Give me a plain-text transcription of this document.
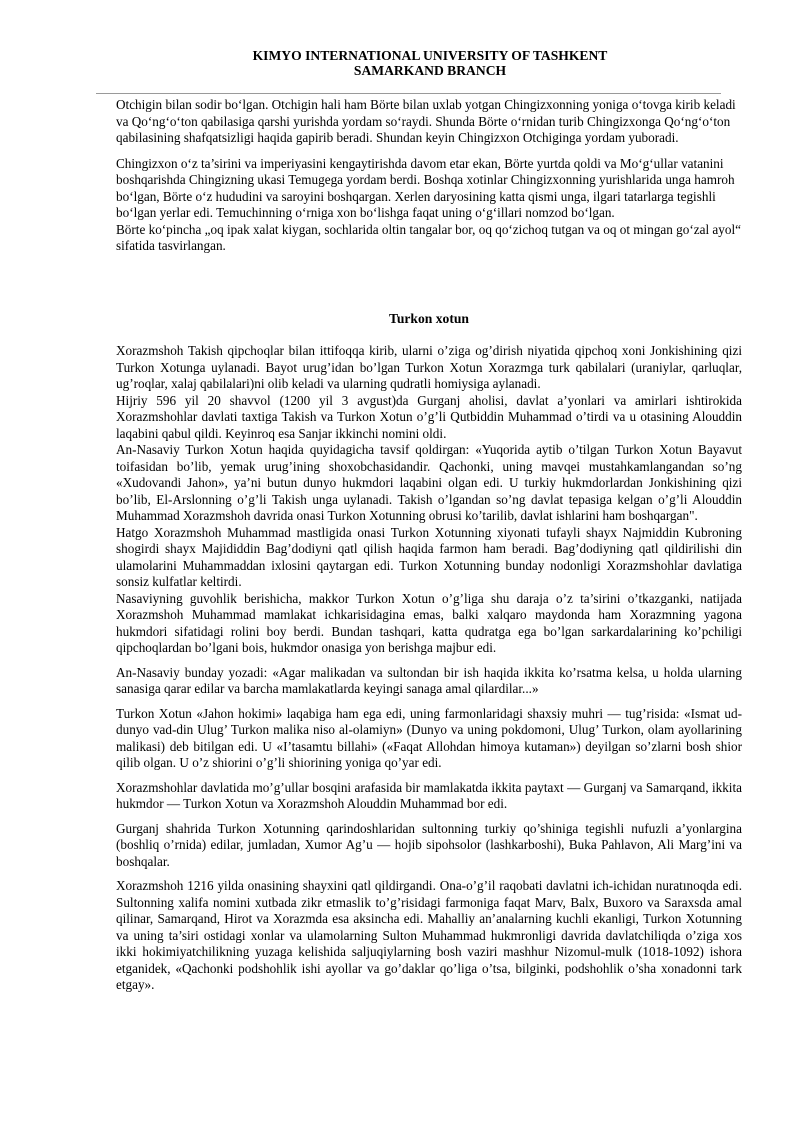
KIMYO INTERNATIONAL UNIVERSITY OF TASHKENT
SAMARKAND BRANCH

Otchigin bilan sodir bo‘lgan. Otchigin hali ham Börte bilan uxlab yotgan Chingizxonning yoniga o‘tovga kirib keladi va Qo‘ng‘o‘ton qabilasiga qarshi yurishda yordam so‘raydi. Shunda Börte o‘rnidan turib Chingizxonga Qo‘ng‘o‘ton qabilasining shafqatsizligi haqida gapirib beradi. Shundan keyin Chingizxon Otchiginga yordam yuboradi.

Chingizxon o‘z ta’sirini va imperiyasini kengaytirishda davom etar ekan, Börte yurtda qoldi va Mo‘g‘ullar vatanini boshqarishda Chingizning ukasi Temugega yordam berdi. Boshqa xotinlar Chingizxonning yurishlarida unga hamroh bo‘lgan, Börte o‘z hududini va saroyini boshqargan. Xerlen daryosining katta qismi unga, ilgari tatarlarga tegishli bo‘lgan yerlar edi. Temuchinning o‘rniga xon bo‘lishga faqat uning o‘g‘illari nomzod bo‘lgan.

Börte ko‘pincha „oq ipak xalat kiygan, sochlarida oltin tangalar bor, oq qo‘zichoq tutgan va oq ot mingan go‘zal ayol“ sifatida tasvirlangan.

Turkon xotun

Xorazmshoh Takish qipchoqlar bilan ittifoqqa kirib, ularni o’ziga og’dirish niyatida qipchoq xoni Jonkishining qizi Turkon Xotunga uylanadi. Bayot urug’idan bo’lgan Turkon Xotun Xorazmga turk qabilalari (uraniylar, qarluqlar, ug’roqlar, xalaj qabilalari)ni olib keladi va ularning qudratli homiysiga aylanadi.

Hijriy 596 yil 20 shavvol (1200 yil 3 avgust)da Gurganj aholisi, davlat a’yonlari va amirlari ishtirokida Xorazmshohlar davlati taxtiga Takish va Turkon Xotun o’g’li Qutbiddin Muhammad o’tirdi va u otasining Alouddin laqabini qabul qildi. Keyinroq esa Sanjar ikkinchi nomini oldi.

An-Nasaviy Turkon Xotun haqida quyidagicha tavsif qoldirgan: «Yuqorida aytib o’tilgan Turkon Xotun Bayavut toifasidan bo’lib, yemak urug’ining shoxobchasidandir. Qachonki, uning mavqei mustahkamlangandan so’ng «Xudovandi Jahon», ya’ni butun dunyo hukmdori laqabini olgan edi. U turkiy hukmdorlardan Jonkishining qizi bo’lib, El-Arslonning o’g’li Takish unga uylanadi. Takish o’lgandan so’ng davlat tepasiga kelgan o’g’li Alouddin Muhammad Xorazmshoh davrida onasi Turkon Xotunning obrusi ko’tarilib, davlat ishlarini ham boshqargan".

Hatgo Xorazmshoh Muhammad mastligida onasi Turkon Xotunning xiyonati tufayli shayx Najmiddin Kubroning shogirdi shayx Majididdin Bag’dodiyni qatl qilish haqida farmon ham beradi. Bag’dodiyning qatl qildirilishi din ulamolarini Muhammaddan ixlosini qaytargan edi. Turkon Xotunning bunday nodonligi Xorazmshohlar davlatiga sonsiz kulfatlar keltirdi.

Nasaviyning guvohlik berishicha, makkor Turkon Xotun o’g’liga shu daraja o’z ta’sirini o’tkazganki, natijada Xorazmshoh Muhammad mamlakat ichkarisidagina emas, balki xalqaro maydonda ham Xorazmning yagona hukmdori sifatidagi rolini boy berdi. Bundan tashqari, katta qudratga ega bo’lgan sarkardalarining ko’pchiligi qipchoqlardan bo’lgani bois, hukmdor onasiga yon berishga majbur edi.

An-Nasaviy bunday yozadi: «Agar malikadan va sultondan bir ish haqida ikkita ko’rsatma kelsa, u holda ularning sanasiga qarar edilar va barcha mamlakatlarda keyingi sanaga amal qilardilar...»

Turkon Xotun «Jahon hokimi» laqabiga ham ega edi, uning farmonlaridagi shaxsiy muhri — tug’risida: «Ismat ud-dunyo vad-din Ulug’ Turkon malika niso al-olamiyn» (Dunyo va uning pokdomoni, Ulug’ Turkon, olam ayollarining malikasi) deb bitilgan edi. U «I’tasamtu billahi» («Faqat Allohdan himoya kutaman») deyilgan so’zlarni bosh shior qilib olgan. U o’z shiorini o’g’li shiorining yoniga qo’yar edi.

Xorazmshohlar davlatida mo’g’ullar bosqini arafasida bir mamlakatda ikkita paytaxt — Gurganj va Samarqand, ikkita hukmdor — Turkon Xotun va Xorazmshoh Alouddin Muhammad bor edi.

Gurganj shahrida Turkon Xotunning qarindoshlaridan sultonning turkiy qo’shiniga tegishli nufuzli a’yonlargina (boshliq o’rnida) edilar, jumladan, Xumor Ag’u — hojib sipohsolor (lashkarboshi), Buka Pahlavon, Ali Marg’ini va boshqalar.

Xorazmshoh 1216 yilda onasining shayxini qatl qildirgandi. Ona-o’g’il raqobati davlatni ich-ichidan nuratınoqda edi. Sultonning xalifa nomini xutbada zikr etmaslik to’g’risidagi farmoniga faqat Marv, Balx, Buxoro va Saraxsda amal qilinar, Samarqand, Hirot va Xorazmda esa aksincha edi. Mahalliy an’analarning kuchli ekanligi, Turkon Xotunning va uning ta’siri ostidagi xonlar va ulamolarning Sulton Muhammad hukmronligi davrida davlatchiliqda o’ziga xos ikki hokimiyatchilikning yuzaga kelishida saljuqiylarning bosh vaziri mashhur Nizomul-mulk (1018-1092) ishora etganidek, «Qachonki podshohlik ishi ayollar va go’daklar qo’liga o’tsa, bilginki, podshohlik o’sha xonadonni tark etgay».
